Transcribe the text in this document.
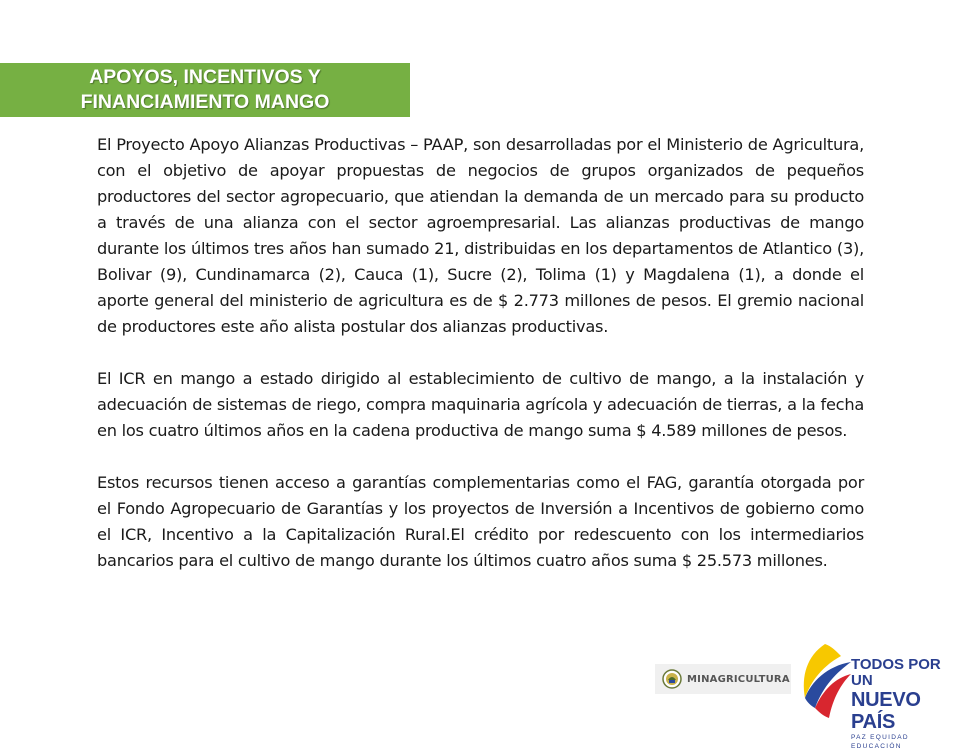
APOYOS, INCENTIVOS Y
FINANCIAMIENTO MANGO

El Proyecto Apoyo Alianzas Productivas – PAAP, son desarrolladas por el Ministerio de Agricultura, con el objetivo de apoyar propuestas de negocios de grupos organizados de pequeños productores del sector agropecuario, que atiendan la demanda de un mercado para su producto a través de una alianza con el sector agroempresarial. Las alianzas productivas de mango durante los últimos tres años han sumado 21, distribuidas en los departamentos de Atlantico (3), Bolivar (9), Cundinamarca (2), Cauca (1), Sucre (2), Tolima (1) y Magdalena (1), a donde el aporte general del ministerio de agricultura es de $ 2.773 millones de pesos. El gremio nacional de productores este año alista postular dos alianzas productivas.

El ICR en mango a estado dirigido al establecimiento de cultivo de mango, a la instalación y adecuación de sistemas de riego, compra maquinaria agrícola y adecuación de tierras, a la fecha en los cuatro últimos años en la cadena productiva de mango suma $ 4.589 millones de pesos.

Estos recursos tienen acceso a garantías complementarias como el FAG, garantía otorgada por el Fondo Agropecuario de Garantías y los proyectos de Inversión a Incentivos de gobierno como el ICR, Incentivo a la Capitalización Rural.El crédito por redescuento con los intermediarios bancarios para el cultivo de mango durante los últimos cuatro años suma $ 25.573 millones.

MINAGRICULTURA
TODOS POR UN
NUEVO PAÍS
PAZ EQUIDAD EDUCACIÓN
